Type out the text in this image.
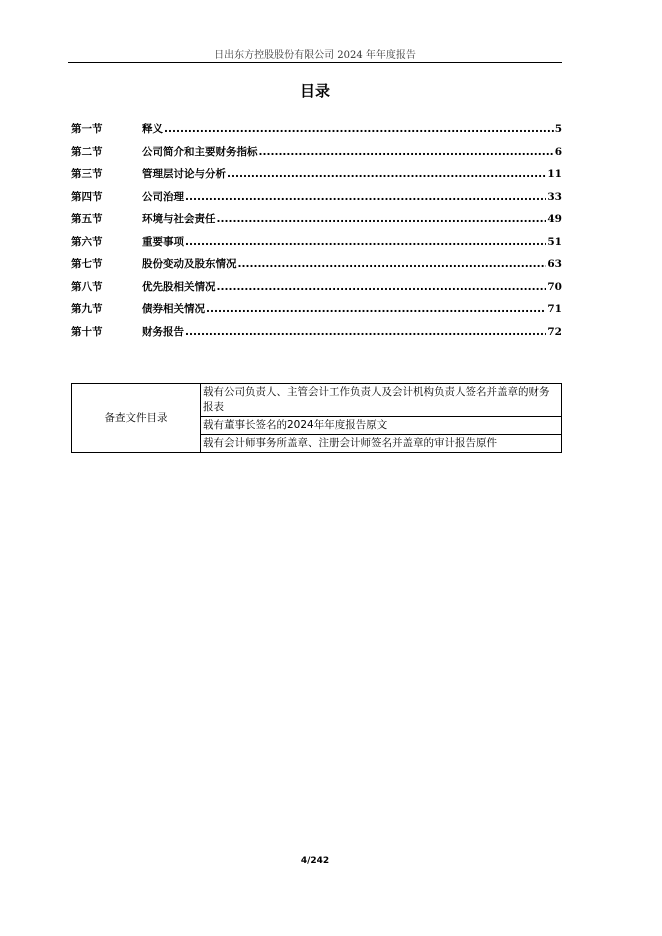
日出东方控股股份有限公司 2024 年年度报告
目录
第一节	释义 .....	5
第二节	公司简介和主要财务指标 .....	6
第三节	管理层讨论与分析 .....	11
第四节	公司治理 .....	33
第五节	环境与社会责任 .....	49
第六节	重要事项 .....	51
第七节	股份变动及股东情况 .....	63
第八节	优先股相关情况 .....	70
第九节	债券相关情况 .....	71
第十节	财务报告 .....	72
备查文件目录	载有公司负责人、主管会计工作负责人及会计机构负责人签名并盖章的财务报表
载有董事长签名的2024年年度报告原文
载有会计师事务所盖章、注册会计师签名并盖章的审计报告原件
4/242
